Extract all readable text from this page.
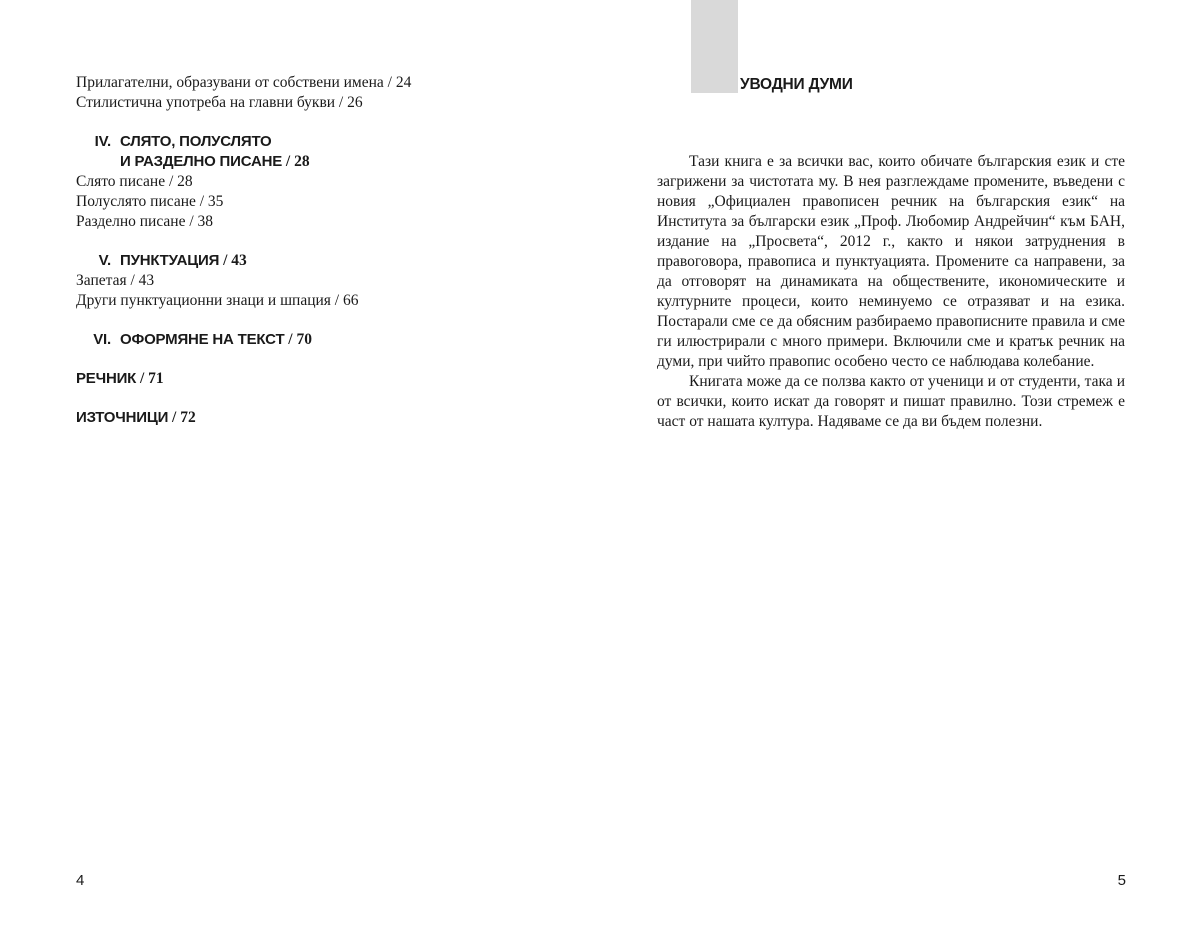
Прилагателни, образувани от собствени имена / 24
Стилистична употреба на главни букви / 26
IV. СЛЯТО, ПОЛУСЛЯТО
И РАЗДЕЛНО ПИСАНЕ / 28
Слято писане / 28
Полуслято писане / 35
Разделно писане / 38
V. ПУНКТУАЦИЯ / 43
Запетая / 43
Други пунктуационни знаци и шпация / 66
VI. ОФОРМЯНЕ НА ТЕКСТ / 70
РЕЧНИК / 71
ИЗТОЧНИЦИ / 72
4
УВОДНИ ДУМИ

Тази книга е за всички вас, които обичате българския език и сте загрижени за чистотата му. В нея разглеждаме промените, въведени с новия „Официален правописен речник на българския език“ на Института за български език „Проф. Любомир Андрейчин“ към БАН, издание на „Просвета“, 2012 г., както и някои затруднения в правоговора, правописа и пунктуацията. Промените са направени, за да отговорят на динамиката на обществените, икономическите и културните процеси, които неминуемо се отразяват и на езика. Постарали сме се да обясним разбираемо правописните правила и сме ги илюстрирали с много примери. Включили сме и кратък речник на думи, при чийто правопис особено често се наблюдава колебание.

Книгата може да се ползва както от ученици и от студенти, така и от всички, които искат да говорят и пишат правилно. Този стремеж е част от нашата култура. Надяваме се да ви бъдем полезни.

5
